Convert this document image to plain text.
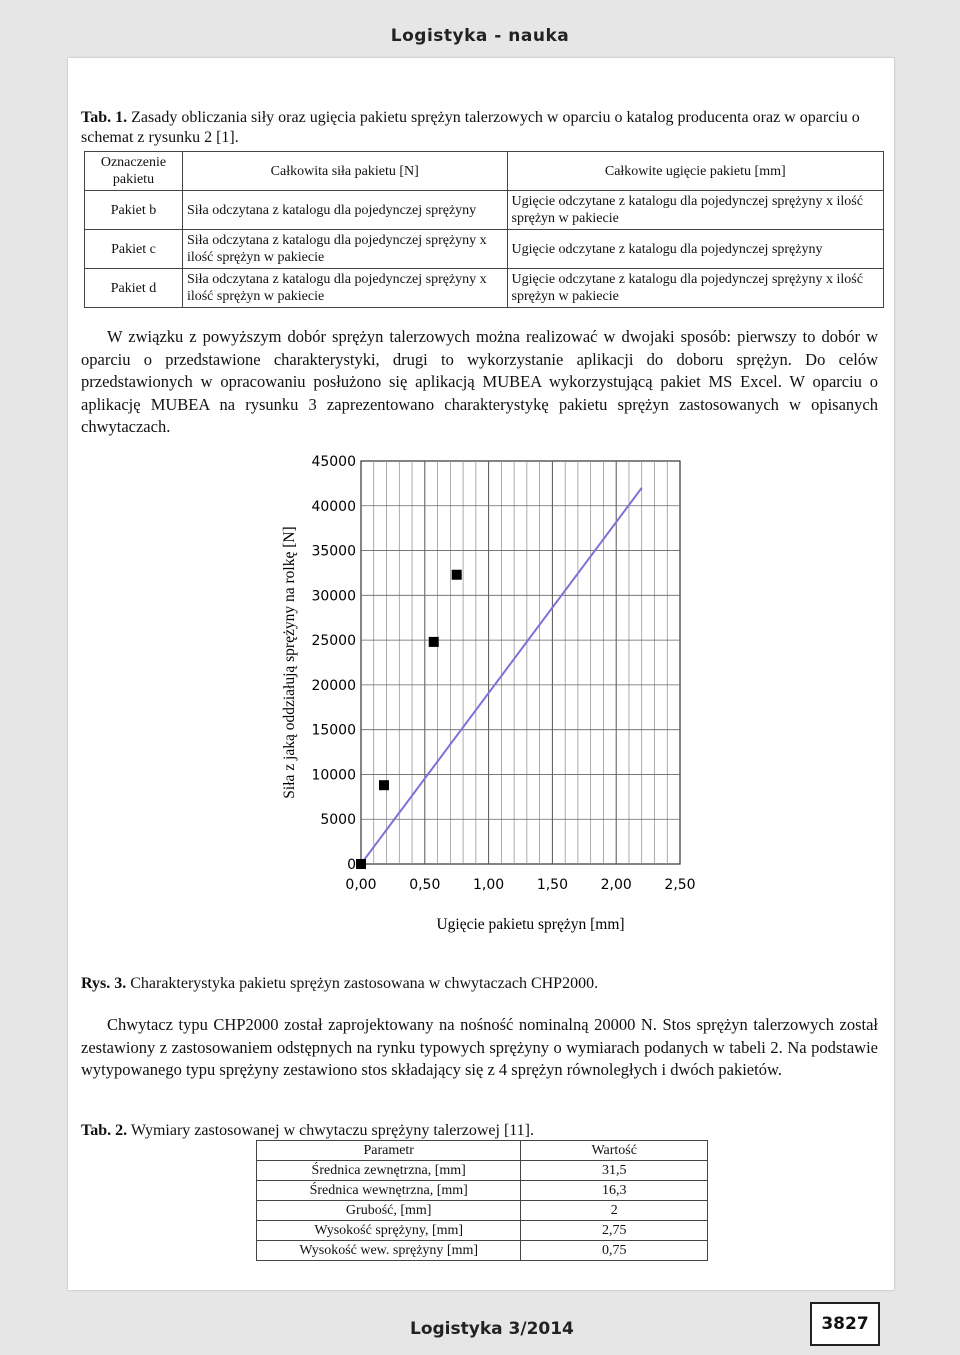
Logistyka - nauka
Tab. 1. Zasady obliczania siły oraz ugięcia pakietu sprężyn talerzowych w oparciu o katalog producenta oraz w oparciu o schemat z rysunku 2 [1].
Oznaczenie pakietu	Całkowita siła pakietu [N]	Całkowite ugięcie pakietu [mm]
Pakiet b	Siła odczytana z katalogu dla pojedynczej sprężyny	Ugięcie odczytane z katalogu dla pojedynczej sprężyny x ilość sprężyn w pakiecie
Pakiet c	Siła odczytana z katalogu dla pojedynczej sprężyny x ilość sprężyn w pakiecie	Ugięcie odczytane z katalogu dla pojedynczej sprężyny
Pakiet d	Siła odczytana z katalogu dla pojedynczej sprężyny x ilość sprężyn w pakiecie	Ugięcie odczytane z katalogu dla pojedynczej sprężyny x ilość sprężyn w pakiecie
W związku z powyższym dobór sprężyn talerzowych można realizować w dwojaki sposób: pierwszy to dobór w oparciu o przedstawione charakterystyki, drugi to wykorzystanie aplikacji do doboru sprężyn. Do celów przedstawionych w opracowaniu posłużono się aplikacją MUBEA wykorzystującą pakiet MS Excel. W oparciu o aplikację MUBEA na rysunku 3 zaprezentowano charakterystykę pakietu sprężyn zastosowanych w opisanych chwytaczach.
0,00 0,50 1,00 1,50 2,00 2,50
0
5000
10000
15000
20000
25000
30000
35000
40000
45000
Ugięcie pakietu sprężyn [mm]
Siła z jaką oddziałują sprężyny na rolkę [N]
Rys. 3. Charakterystyka pakietu sprężyn zastosowana w chwytaczach CHP2000.
Chwytacz typu CHP2000 został zaprojektowany na nośność nominalną 20000 N. Stos sprężyn talerzowych został zestawiony z zastosowaniem odstępnych na rynku typowych sprężyny o wymiarach podanych w tabeli 2. Na podstawie wytypowanego typu sprężyny zestawiono stos składający się z 4 sprężyn równoległych i dwóch pakietów.
Tab. 2. Wymiary zastosowanej w chwytaczu sprężyny talerzowej [11].
Parametr	Wartość
Średnica zewnętrzna, [mm]	31,5
Średnica wewnętrzna, [mm]	16,3
Grubość, [mm]	2
Wysokość sprężyny, [mm]	2,75
Wysokość wew. sprężyny [mm]	0,75
Logistyka 3/2014	3827
